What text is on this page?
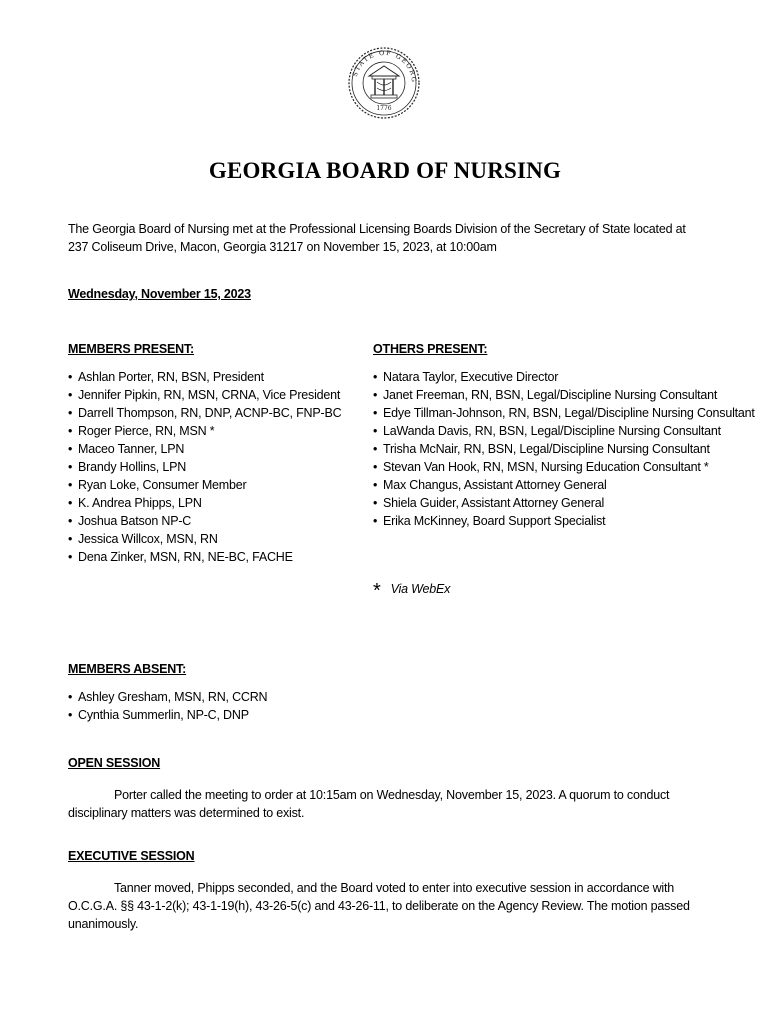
1776
STATE OF GEORG
GEORGIA BOARD OF NURSING
The Georgia Board of Nursing met at the Professional Licensing Boards Division of the Secretary of State located at 237 Coliseum Drive, Macon, Georgia 31217 on November 15, 2023, at 10:00am
Wednesday, November 15, 2023
MEMBERS PRESENT:
• Ashlan Porter, RN, BSN, President
• Jennifer Pipkin, RN, MSN, CRNA, Vice President
• Darrell Thompson, RN, DNP, ACNP-BC, FNP-BC
• Roger Pierce, RN, MSN *
• Maceo Tanner, LPN
• Brandy Hollins, LPN
• Ryan Loke, Consumer Member
• K. Andrea Phipps, LPN
• Joshua Batson NP-C
• Jessica Willcox, MSN, RN
• Dena Zinker, MSN, RN, NE-BC, FACHE
OTHERS PRESENT:
• Natara Taylor, Executive Director
• Janet Freeman, RN, BSN, Legal/Discipline Nursing Consultant
• Edye Tillman-Johnson, RN, BSN, Legal/Discipline Nursing Consultant
• LaWanda Davis, RN, BSN, Legal/Discipline Nursing Consultant
• Trisha McNair, RN, BSN, Legal/Discipline Nursing Consultant
• Stevan Van Hook, RN, MSN, Nursing Education Consultant *
• Max Changus, Assistant Attorney General
• Shiela Guider, Assistant Attorney General
• Erika McKinney, Board Support Specialist
* Via WebEx
MEMBERS ABSENT:
• Ashley Gresham, MSN, RN, CCRN
• Cynthia Summerlin, NP-C, DNP
OPEN SESSION
Porter called the meeting to order at 10:15am on Wednesday, November 15, 2023. A quorum to conduct disciplinary matters was determined to exist.
EXECUTIVE SESSION
Tanner moved, Phipps seconded, and the Board voted to enter into executive session in accordance with O.C.G.A. §§ 43-1-2(k); 43-1-19(h), 43-26-5(c) and 43-26-11, to deliberate on the Agency Review. The motion passed unanimously.
